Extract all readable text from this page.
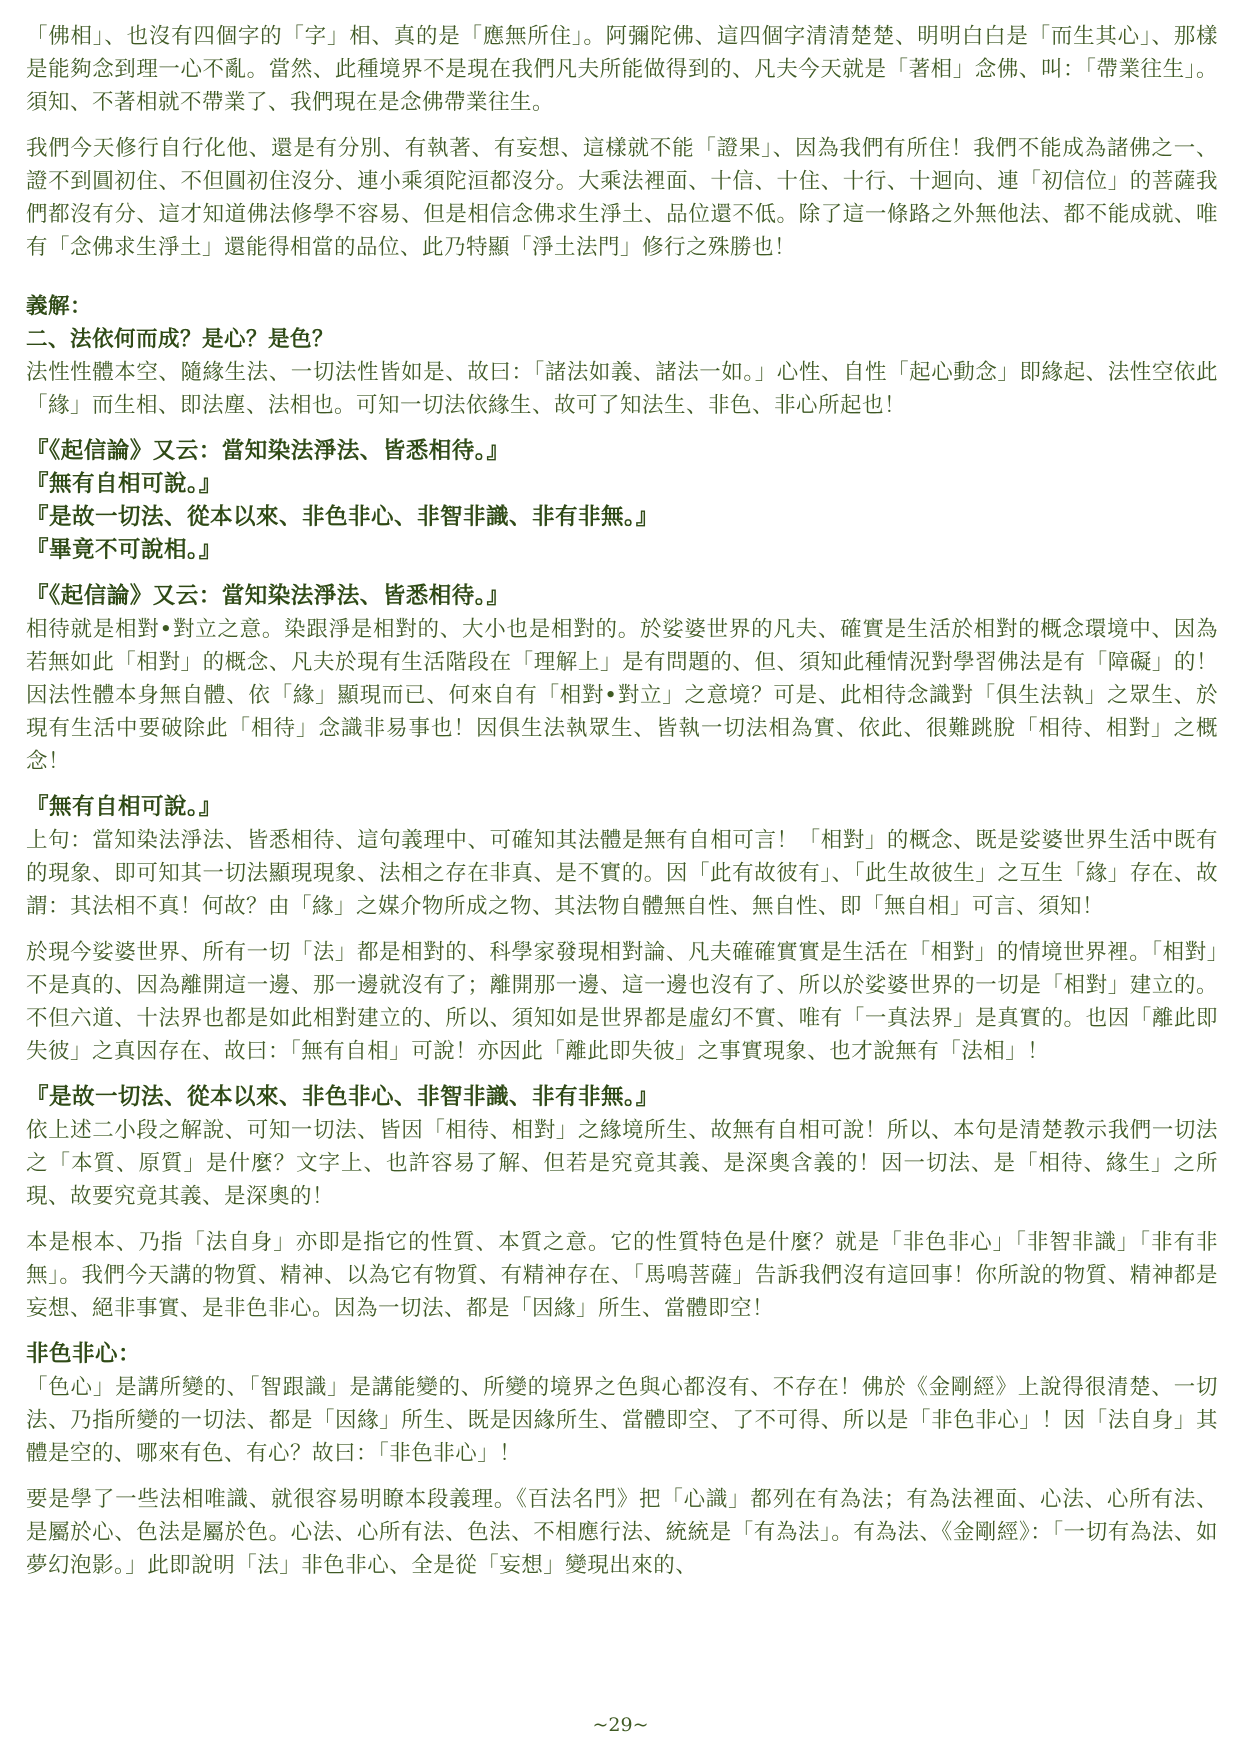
「佛相」、也沒有四個字的「字」相、真的是「應無所住」。阿彌陀佛、這四個字清清楚楚、明明白白是「而生其心」、那樣是能夠念到理一心不亂。當然、此種境界不是現在我們凡夫所能做得到的、凡夫今天就是「著相」念佛、叫：「帶業往生」。須知、不著相就不帶業了、我們現在是念佛帶業往生。

我們今天修行自行化他、還是有分別、有執著、有妄想、這樣就不能「證果」、因為我們有所住！我們不能成為諸佛之一、證不到圓初住、不但圓初住沒分、連小乘須陀洹都沒分。大乘法裡面、十信、十住、十行、十迴向、連「初信位」的菩薩我們都沒有分、這才知道佛法修學不容易、但是相信念佛求生淨土、品位還不低。除了這一條路之外無他法、都不能成就、唯有「念佛求生淨土」還能得相當的品位、此乃特顯「淨土法門」修行之殊勝也！

義解：

二、法依何而成？是心？是色？

法性性體本空、隨緣生法、一切法性皆如是、故曰：「諸法如義、諸法一如。」心性、自性「起心動念」即緣起、法性空依此「緣」而生相、即法塵、法相也。可知一切法依緣生、故可了知法生、非色、非心所起也！

『《起信論》又云：當知染法淨法、皆悉相待。』

『無有自相可說。』

『是故一切法、從本以來、非色非心、非智非識、非有非無。』

『畢竟不可說相。』

『《起信論》又云：當知染法淨法、皆悉相待。』

相待就是相對•對立之意。染跟淨是相對的、大小也是相對的。於娑婆世界的凡夫、確實是生活於相對的概念環境中、因為若無如此「相對」的概念、凡夫於現有生活階段在「理解上」是有問題的、但、須知此種情況對學習佛法是有「障礙」的！因法性體本身無自體、依「緣」顯現而已、何來自有「相對•對立」之意境？可是、此相待念識對「俱生法執」之眾生、於現有生活中要破除此「相待」念識非易事也！因俱生法執眾生、皆執一切法相為實、依此、很難跳脫「相待、相對」之概念！

『無有自相可說。』

上句：當知染法淨法、皆悉相待、這句義理中、可確知其法體是無有自相可言！「相對」的概念、既是娑婆世界生活中既有的現象、即可知其一切法顯現現象、法相之存在非真、是不實的。因「此有故彼有」、「此生故彼生」之互生「緣」存在、故謂：其法相不真！何故？由「緣」之媒介物所成之物、其法物自體無自性、無自性、即「無自相」可言、須知！

於現今娑婆世界、所有一切「法」都是相對的、科學家發現相對論、凡夫確確實實是生活在「相對」的情境世界裡。「相對」不是真的、因為離開這一邊、那一邊就沒有了；離開那一邊、這一邊也沒有了、所以於娑婆世界的一切是「相對」建立的。不但六道、十法界也都是如此相對建立的、所以、須知如是世界都是虛幻不實、唯有「一真法界」是真實的。也因「離此即失彼」之真因存在、故曰：「無有自相」可說！亦因此「離此即失彼」之事實現象、也才說無有「法相」！

『是故一切法、從本以來、非色非心、非智非識、非有非無。』

依上述二小段之解說、可知一切法、皆因「相待、相對」之緣境所生、故無有自相可說！所以、本句是清楚教示我們一切法之「本質、原質」是什麼？文字上、也許容易了解、但若是究竟其義、是深奧含義的！因一切法、是「相待、緣生」之所現、故要究竟其義、是深奧的！

本是根本、乃指「法自身」亦即是指它的性質、本質之意。它的性質特色是什麼？就是「非色非心」「非智非識」「非有非無」。我們今天講的物質、精神、以為它有物質、有精神存在、「馬鳴菩薩」告訴我們沒有這回事！你所說的物質、精神都是妄想、絕非事實、是非色非心。因為一切法、都是「因緣」所生、當體即空！

非色非心：

「色心」是講所變的、「智跟識」是講能變的、所變的境界之色與心都沒有、不存在！佛於《金剛經》上說得很清楚、一切法、乃指所變的一切法、都是「因緣」所生、既是因緣所生、當體即空、了不可得、所以是「非色非心」！因「法自身」其體是空的、哪來有色、有心？故曰：「非色非心」！

要是學了一些法相唯識、就很容易明瞭本段義理。《百法名門》把「心識」都列在有為法；有為法裡面、心法、心所有法、是屬於心、色法是屬於色。心法、心所有法、色法、不相應行法、統統是「有為法」。有為法、《金剛經》：「一切有為法、如夢幻泡影。」此即說明「法」非色非心、全是從「妄想」變現出來的、

~29~
